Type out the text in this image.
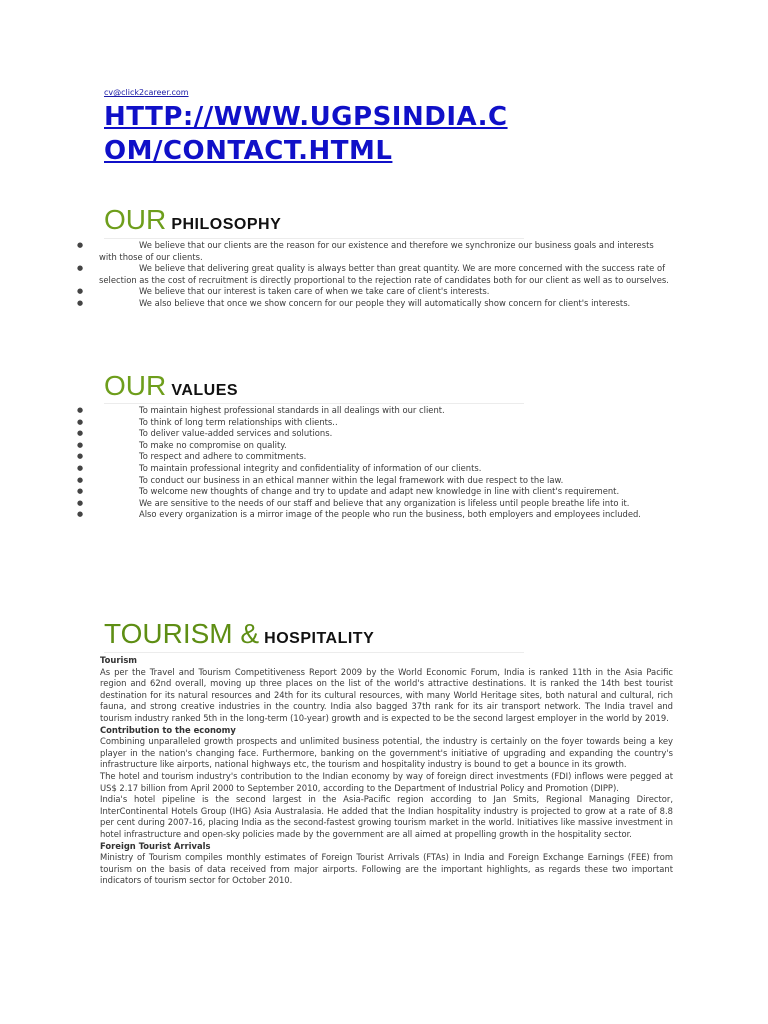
cv@click2career.com
HTTP://WWW.UGPSINDIA.COM/CONTACT.HTML
OUR PHILOSOPHY
●	We believe that our clients are the reason for our existence and therefore we synchronize our business goals and interests with those of our clients.
●	We believe that delivering great quality is always better than great quantity. We are more concerned with the success rate of selection as the cost of recruitment is directly proportional to the rejection rate of candidates both for our client as well as to ourselves.
●	We believe that our interest is taken care of when we take care of client's interests.
●	We also believe that once we show concern for our people they will automatically show concern for client's interests.
OUR VALUES
●	To maintain highest professional standards in all dealings with our client.
●	To think of long term relationships with clients..
●	To deliver value-added services and solutions.
●	To make no compromise on quality.
●	To respect and adhere to commitments.
●	To maintain professional integrity and confidentiality of information of our clients.
●	To conduct our business in an ethical manner within the legal framework with due respect to the law.
●	To welcome new thoughts of change and try to update and adapt new knowledge in line with client's requirement.
●	We are sensitive to the needs of our staff and believe that any organization is lifeless until people breathe life into it.
●	Also every organization is a mirror image of the people who run the business, both employers and employees included.
TOURISM & HOSPITALITY
Tourism

As per the Travel and Tourism Competitiveness Report 2009 by the World Economic Forum, India is ranked 11th in the Asia Pacific region and 62nd overall, moving up three places on the list of the world's attractive destinations. It is ranked the 14th best tourist destination for its natural resources and 24th for its cultural resources, with many World Heritage sites, both natural and cultural, rich fauna, and strong creative industries in the country. India also bagged 37th rank for its air transport network. The India travel and tourism industry ranked 5th in the long-term (10-year) growth and is expected to be the second largest employer in the world by 2019.

Contribution to the economy

Combining unparalleled growth prospects and unlimited business potential, the industry is certainly on the foyer towards being a key player in the nation's changing face. Furthermore, banking on the government's initiative of upgrading and expanding the country's infrastructure like airports, national highways etc, the tourism and hospitality industry is bound to get a bounce in its growth.

The hotel and tourism industry's contribution to the Indian economy by way of foreign direct investments (FDI) inflows were pegged at US$ 2.17 billion from April 2000 to September 2010, according to the Department of Industrial Policy and Promotion (DIPP).

India's hotel pipeline is the second largest in the Asia-Pacific region according to Jan Smits, Regional Managing Director, InterContinental Hotels Group (IHG) Asia Australasia. He added that the Indian hospitality industry is projected to grow at a rate of 8.8 per cent during 2007-16, placing India as the second-fastest growing tourism market in the world. Initiatives like massive investment in hotel infrastructure and open-sky policies made by the government are all aimed at propelling growth in the hospitality sector.

Foreign Tourist Arrivals

Ministry of Tourism compiles monthly estimates of Foreign Tourist Arrivals (FTAs) in India and Foreign Exchange Earnings (FEE) from tourism on the basis of data received from major airports. Following are the important highlights, as regards these two important indicators of tourism sector for October 2010.
